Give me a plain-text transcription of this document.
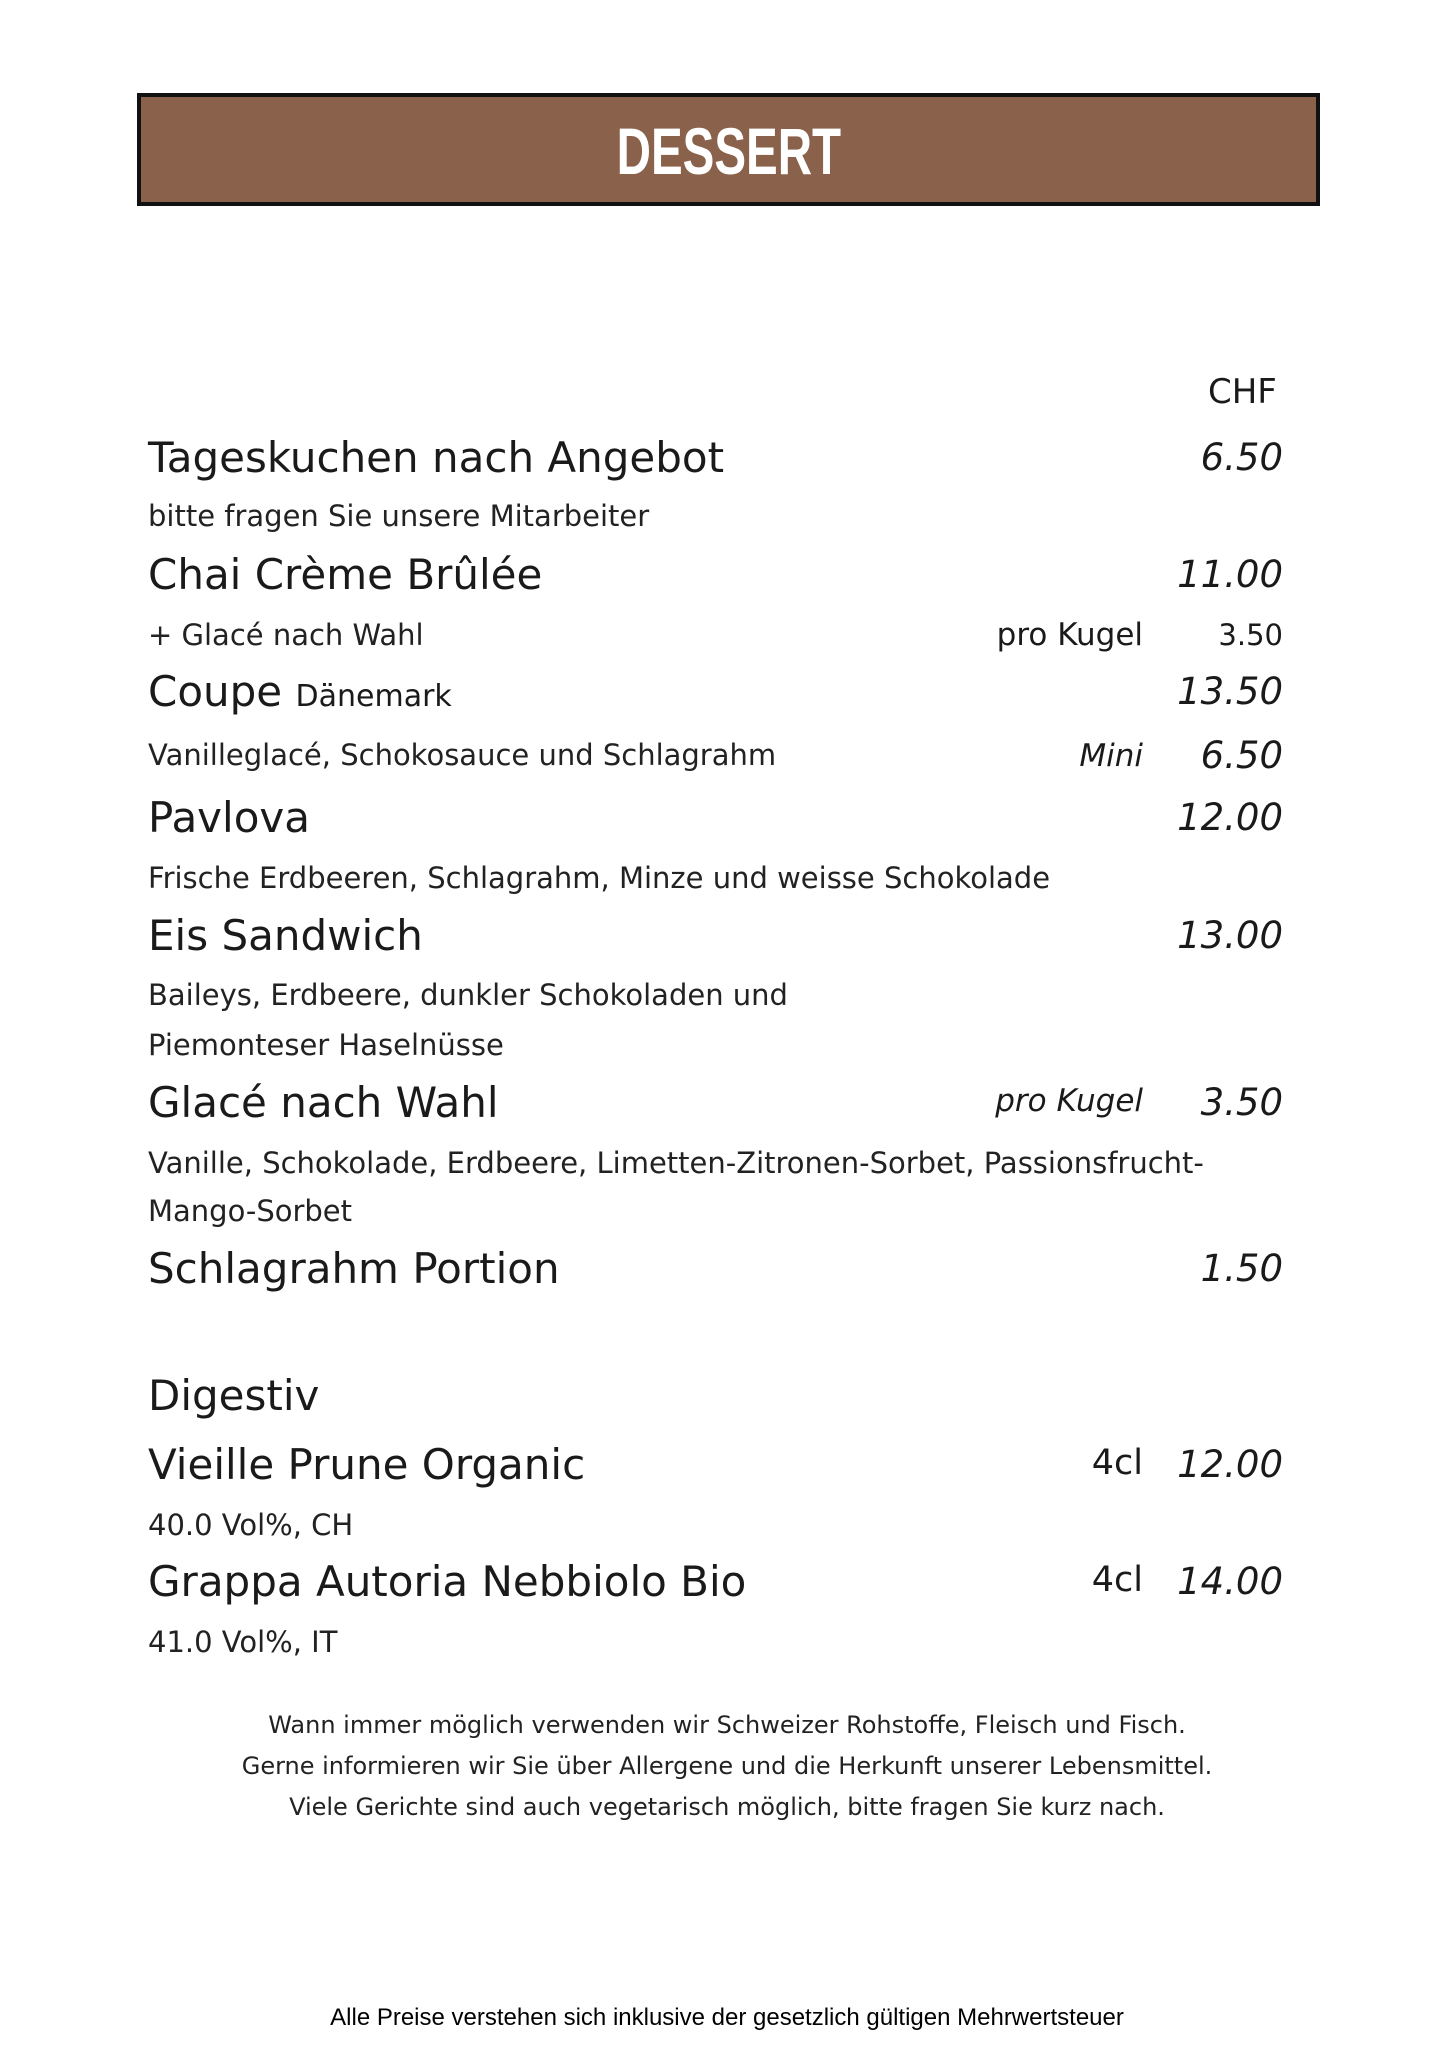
DESSERT
CHF
Tageskuchen nach Angebot	6.50
bitte fragen Sie unsere Mitarbeiter
Chai Crème Brûlée	11.00
+ Glacé nach Wahl	pro Kugel	3.50
Coupe Dänemark	13.50
Vanilleglacé, Schokosauce und Schlagrahm	Mini 6.50
Pavlova	12.00
Frische Erdbeeren, Schlagrahm, Minze und weisse Schokolade
Eis Sandwich	13.00
Baileys, Erdbeere, dunkler Schokoladen und
Piemonteser Haselnüsse
Glacé nach Wahl	pro Kugel 3.50
Vanille, Schokolade, Erdbeere, Limetten-Zitronen-Sorbet, Passionsfrucht-
Mango-Sorbet
Schlagrahm Portion	1.50
Digestiv
Vieille Prune Organic	4cl 12.00
40.0 Vol%, CH
Grappa Autoria Nebbiolo Bio	4cl 14.00
41.0 Vol%, IT
Wann immer möglich verwenden wir Schweizer Rohstoffe, Fleisch und Fisch.
Gerne informieren wir Sie über Allergene und die Herkunft unserer Lebensmittel.
Viele Gerichte sind auch vegetarisch möglich, bitte fragen Sie kurz nach.
Alle Preise verstehen sich inklusive der gesetzlich gültigen Mehrwertsteuer
